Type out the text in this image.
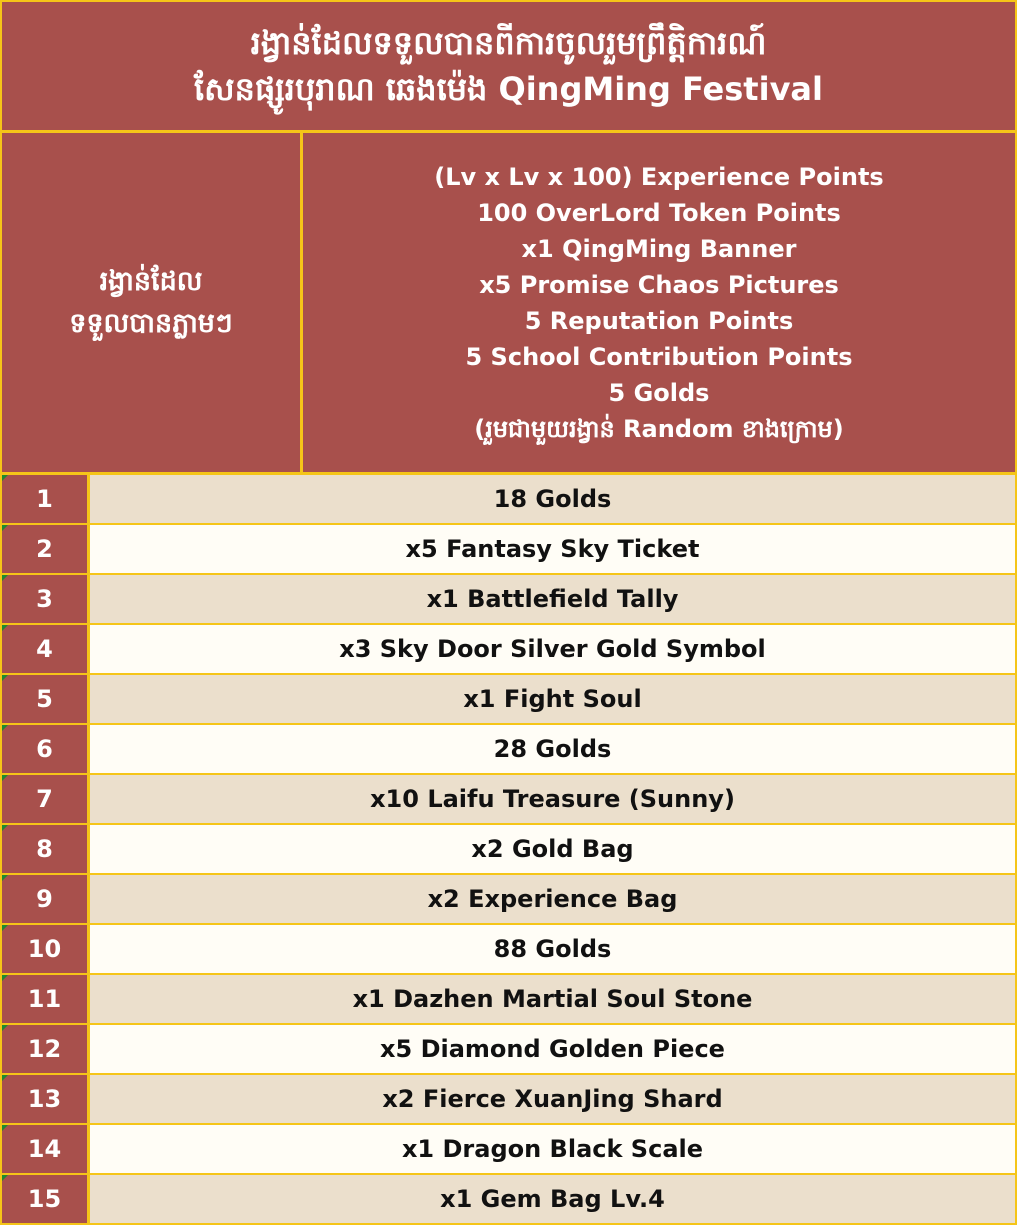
រង្វាន់ដែលទទួលបានពីការចូលរួមព្រឹត្តិការណ៍
សែនផ្សូរបុរាណ ឆេងម៉េង QingMing Festival
រង្វាន់ដែល
ទទួលបានភ្លាមៗ
(Lv x Lv x 100) Experience Points
100 OverLord Token Points
x1 QingMing Banner
x5 Promise Chaos Pictures
5 Reputation Points
5 School Contribution Points
5 Golds
(រួមជាមួយរង្វាន់ Random ខាងក្រោម)
1	18 Golds
2	x5 Fantasy Sky Ticket
3	x1 Battlefield Tally
4	x3 Sky Door Silver Gold Symbol
5	x1 Fight Soul
6	28 Golds
7	x10 Laifu Treasure (Sunny)
8	x2 Gold Bag
9	x2 Experience Bag
10	88 Golds
11	x1 Dazhen Martial Soul Stone
12	x5 Diamond Golden Piece
13	x2 Fierce XuanJing Shard
14	x1 Dragon Black Scale
15	x1 Gem Bag Lv.4
